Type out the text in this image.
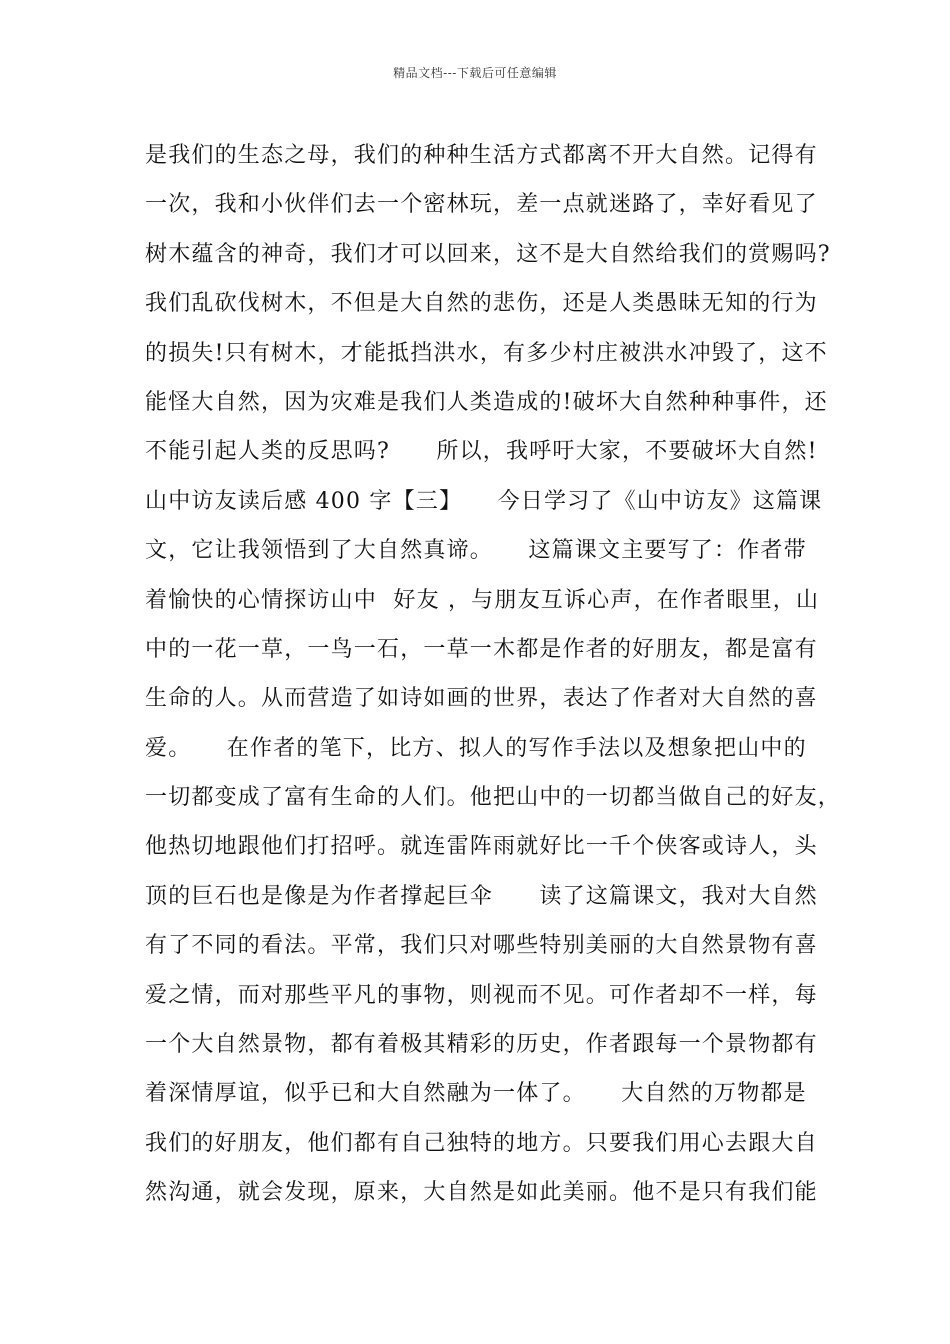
精品文档---下载后可任意编辑
是我们的生态之母，我们的种种生活方式都离不开大自然。记得有
一次，我和小伙伴们去一个密林玩，差一点就迷路了，幸好看见了
树木蕴含的神奇，我们才可以回来，这不是大自然给我们的赏赐吗?
我们乱砍伐树木，不但是大自然的悲伤，还是人类愚昧无知的行为
的损失!只有树木，才能抵挡洪水，有多少村庄被洪水冲毁了，这不
能怪大自然，因为灾难是我们人类造成的!破坏大自然种种事件，还
不能引起人类的反思吗?　　所以，我呼吁大家，不要破坏大自然!
山中访友读后感 400 字【三】　　今日学习了《山中访友》这篇课
文，它让我领悟到了大自然真谛。　　这篇课文主要写了：作者带
着愉快的心情探访山中  好友 ，与朋友互诉心声，在作者眼里，山
中的一花一草，一鸟一石，一草一木都是作者的好朋友，都是富有
生命的人。从而营造了如诗如画的世界，表达了作者对大自然的喜
爱。　　在作者的笔下，比方、拟人的写作手法以及想象把山中的
一切都变成了富有生命的人们。他把山中的一切都当做自己的好友，
他热切地跟他们打招呼。就连雷阵雨就好比一千个侠客或诗人，头
顶的巨石也是像是为作者撑起巨伞　　读了这篇课文，我对大自然
有了不同的看法。平常，我们只对哪些特别美丽的大自然景物有喜
爱之情，而对那些平凡的事物，则视而不见。可作者却不一样，每
一个大自然景物，都有着极其精彩的历史，作者跟每一个景物都有
着深情厚谊，似乎已和大自然融为一体了。　　大自然的万物都是
我们的好朋友，他们都有自己独特的地方。只要我们用心去跟大自
然沟通，就会发现，原来，大自然是如此美丽。他不是只有我们能
